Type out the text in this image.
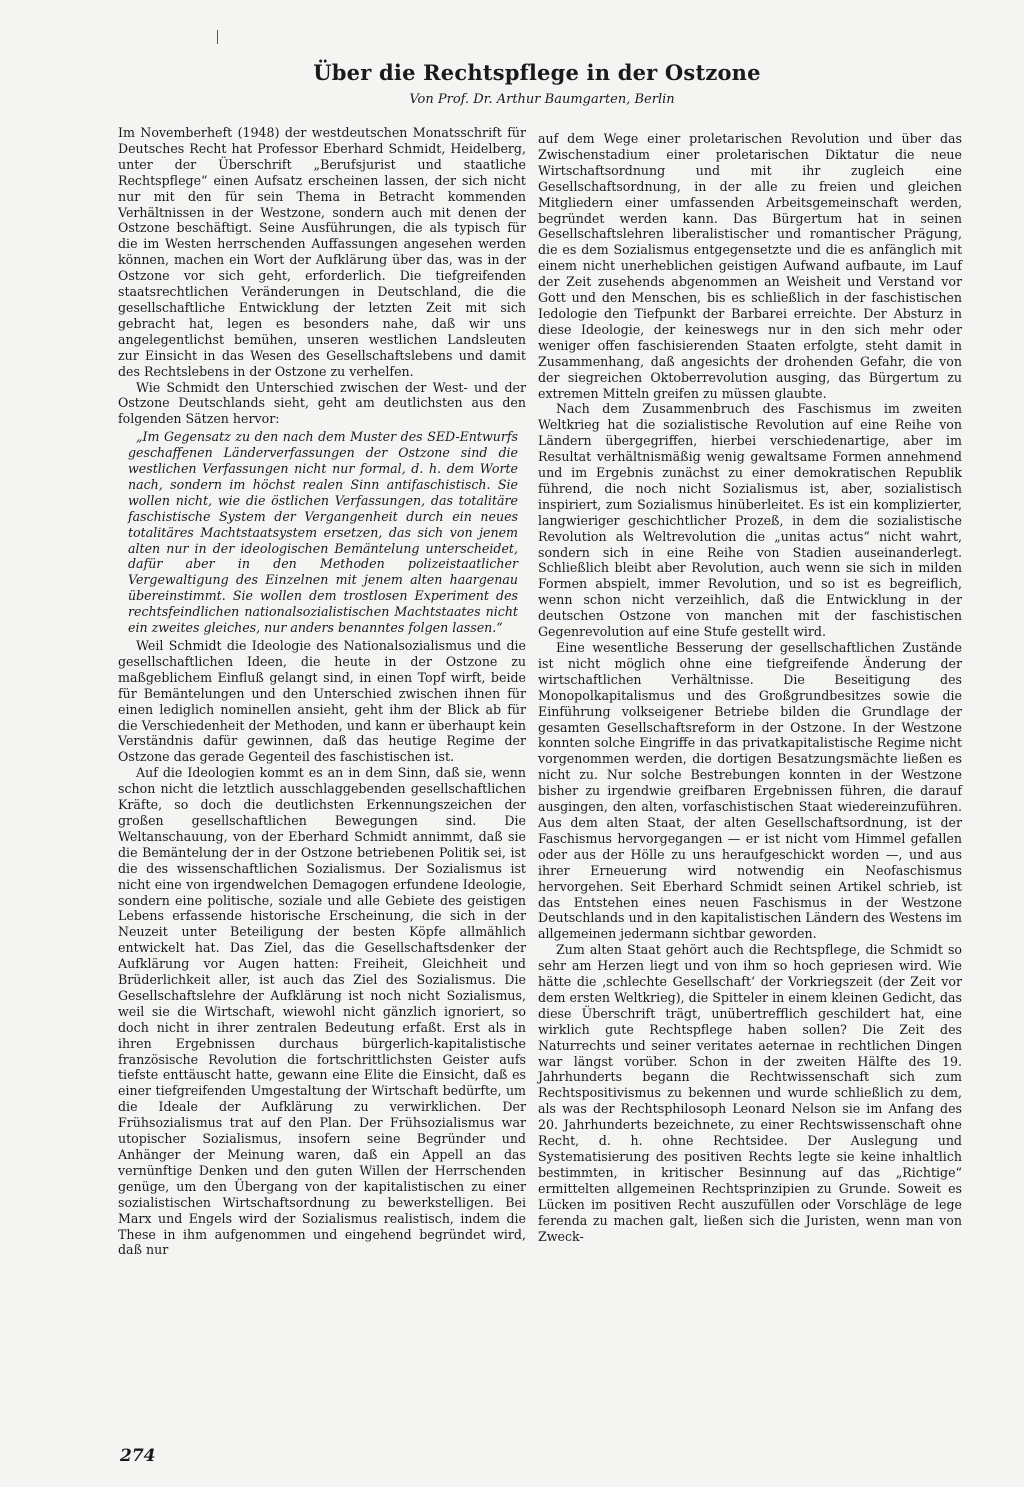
Über die Rechtspflege in der Ostzone
Von Prof. Dr. Arthur Baumgarten, Berlin

Im Novemberheft (1948) der westdeutschen Monatsschrift für Deutsches Recht hat Professor Eberhard Schmidt, Heidelberg, unter der Überschrift „Berufsjurist und staatliche Rechtspflege“ einen Aufsatz erscheinen lassen, der sich nicht nur mit den für sein Thema in Betracht kommenden Verhältnissen in der Westzone, sondern auch mit denen der Ostzone beschäftigt. Seine Ausführungen, die als typisch für die im Westen herrschenden Auffassungen angesehen werden können, machen ein Wort der Aufklärung über das, was in der Ostzone vor sich geht, erforderlich. Die tiefgreifenden staatsrechtlichen Veränderungen in Deutschland, die die gesellschaftliche Entwicklung der letzten Zeit mit sich gebracht hat, legen es besonders nahe, daß wir uns angelegentlichst bemühen, unseren westlichen Landsleuten zur Einsicht in das Wesen des Gesellschaftslebens und damit des Rechtslebens in der Ostzone zu verhelfen.

Wie Schmidt den Unterschied zwischen der West- und der Ostzone Deutschlands sieht, geht am deutlichsten aus den folgenden Sätzen hervor:

„Im Gegensatz zu den nach dem Muster des SED-Entwurfs geschaffenen Länderverfassungen der Ostzone sind die westlichen Verfassungen nicht nur formal, d. h. dem Worte nach, sondern im höchst realen Sinn antifaschistisch. Sie wollen nicht, wie die östlichen Verfassungen, das totalitäre faschistische System der Vergangenheit durch ein neues totalitäres Machtstaatsystem ersetzen, das sich von jenem alten nur in der ideologischen Bemäntelung unterscheidet, dafür aber in den Methoden polizeistaatlicher Vergewaltigung des Einzelnen mit jenem alten haargenau übereinstimmt. Sie wollen dem trostlosen Experiment des rechtsfeindlichen nationalsozialistischen Machtstaates nicht ein zweites gleiches, nur anders benanntes folgen lassen.“

Weil Schmidt die Ideologie des Nationalsozialismus und die gesellschaftlichen Ideen, die heute in der Ostzone zu maßgeblichem Einfluß gelangt sind, in einen Topf wirft, beide für Bemäntelungen und den Unterschied zwischen ihnen für einen lediglich nominellen ansieht, geht ihm der Blick ab für die Verschiedenheit der Methoden, und kann er überhaupt kein Verständnis dafür gewinnen, daß das heutige Regime der Ostzone das gerade Gegenteil des faschistischen ist.

Auf die Ideologien kommt es an in dem Sinn, daß sie, wenn schon nicht die letztlich ausschlaggebenden gesellschaftlichen Kräfte, so doch die deutlichsten Erkennungszeichen der großen gesellschaftlichen Bewegungen sind. Die Weltanschauung, von der Eberhard Schmidt annimmt, daß sie die Bemäntelung der in der Ostzone betriebenen Politik sei, ist die des wissenschaftlichen Sozialismus. Der Sozialismus ist nicht eine von irgendwelchen Demagogen erfundene Ideologie, sondern eine politische, soziale und alle Gebiete des geistigen Lebens erfassende historische Erscheinung, die sich in der Neuzeit unter Beteiligung der besten Köpfe allmählich entwickelt hat. Das Ziel, das die Gesellschaftsdenker der Aufklärung vor Augen hatten: Freiheit, Gleichheit und Brüderlichkeit aller, ist auch das Ziel des Sozialismus. Die Gesellschaftslehre der Aufklärung ist noch nicht Sozialismus, weil sie die Wirtschaft, wiewohl nicht gänzlich ignoriert, so doch nicht in ihrer zentralen Bedeutung erfaßt. Erst als in ihren Ergebnissen durchaus bürgerlich-kapitalistische französische Revolution die fortschrittlichsten Geister aufs tiefste enttäuscht hatte, gewann eine Elite die Einsicht, daß es einer tiefgreifenden Umgestaltung der Wirtschaft bedürfte, um die Ideale der Aufklärung zu verwirklichen. Der Frühsozialismus trat auf den Plan. Der Frühsozialismus war utopischer Sozialismus, insofern seine Begründer und Anhänger der Meinung waren, daß ein Appell an das vernünftige Denken und den guten Willen der Herrschenden genüge, um den Übergang von der kapitalistischen zu einer sozialistischen Wirtschaftsordnung zu bewerkstelligen. Bei Marx und Engels wird der Sozialismus realistisch, indem die These in ihm aufgenommen und eingehend begründet wird, daß nur

auf dem Wege einer proletarischen Revolution und über das Zwischenstadium einer proletarischen Diktatur die neue Wirtschaftsordnung und mit ihr zugleich eine Gesellschaftsordnung, in der alle zu freien und gleichen Mitgliedern einer umfassenden Arbeitsgemeinschaft werden, begründet werden kann. Das Bürgertum hat in seinen Gesellschaftslehren liberalistischer und romantischer Prägung, die es dem Sozialismus entgegensetzte und die es anfänglich mit einem nicht unerheblichen geistigen Aufwand aufbaute, im Lauf der Zeit zusehends abgenommen an Weisheit und Verstand vor Gott und den Menschen, bis es schließlich in der faschistischen Iedologie den Tiefpunkt der Barbarei erreichte. Der Absturz in diese Ideologie, der keineswegs nur in den sich mehr oder weniger offen faschisierenden Staaten erfolgte, steht damit in Zusammenhang, daß angesichts der drohenden Gefahr, die von der siegreichen Oktoberrevolution ausging, das Bürgertum zu extremen Mitteln greifen zu müssen glaubte.

Nach dem Zusammenbruch des Faschismus im zweiten Weltkrieg hat die sozialistische Revolution auf eine Reihe von Ländern übergegriffen, hierbei verschiedenartige, aber im Resultat verhältnismäßig wenig gewaltsame Formen annehmend und im Ergebnis zunächst zu einer demokratischen Republik führend, die noch nicht Sozialismus ist, aber, sozialistisch inspiriert, zum Sozialismus hinüberleitet. Es ist ein komplizierter, langwieriger geschichtlicher Prozeß, in dem die sozialistische Revolution als Weltrevolution die „unitas actus“ nicht wahrt, sondern sich in eine Reihe von Stadien auseinanderlegt. Schließlich bleibt aber Revolution, auch wenn sie sich in milden Formen abspielt, immer Revolution, und so ist es begreiflich, wenn schon nicht verzeihlich, daß die Entwicklung in der deutschen Ostzone von manchen mit der faschistischen Gegenrevolution auf eine Stufe gestellt wird.

Eine wesentliche Besserung der gesellschaftlichen Zustände ist nicht möglich ohne eine tiefgreifende Änderung der wirtschaftlichen Verhältnisse. Die Beseitigung des Monopolkapitalismus und des Großgrundbesitzes sowie die Einführung volkseigener Betriebe bilden die Grundlage der gesamten Gesellschaftsreform in der Ostzone. In der Westzone konnten solche Eingriffe in das privatkapitalistische Regime nicht vorgenommen werden, die dortigen Besatzungsmächte ließen es nicht zu. Nur solche Bestrebungen konnten in der Westzone bisher zu irgendwie greifbaren Ergebnissen führen, die darauf ausgingen, den alten, vorfaschistischen Staat wiedereinzuführen. Aus dem alten Staat, der alten Gesellschaftsordnung, ist der Faschismus hervorgegangen — er ist nicht vom Himmel gefallen oder aus der Hölle zu uns heraufgeschickt worden —, und aus ihrer Erneuerung wird notwendig ein Neofaschismus hervorgehen. Seit Eberhard Schmidt seinen Artikel schrieb, ist das Entstehen eines neuen Faschismus in der Westzone Deutschlands und in den kapitalistischen Ländern des Westens im allgemeinen jedermann sichtbar geworden.

Zum alten Staat gehört auch die Rechtspflege, die Schmidt so sehr am Herzen liegt und von ihm so hoch gepriesen wird. Wie hätte die ‚schlechte Gesellschaft‘ der Vorkriegszeit (der Zeit vor dem ersten Weltkrieg), die Spitteler in einem kleinen Gedicht, das diese Überschrift trägt, unübertrefflich geschildert hat, eine wirklich gute Rechtspflege haben sollen? Die Zeit des Naturrechts und seiner veritates aeternae in rechtlichen Dingen war längst vorüber. Schon in der zweiten Hälfte des 19. Jahrhunderts begann die Rechtwissenschaft sich zum Rechtspositivismus zu bekennen und wurde schließlich zu dem, als was der Rechtsphilosoph Leonard Nelson sie im Anfang des 20. Jahrhunderts bezeichnete, zu einer Rechtswissenschaft ohne Recht, d. h. ohne Rechtsidee. Der Auslegung und Systematisierung des positiven Rechts legte sie keine inhaltlich bestimmten, in kritischer Besinnung auf das „Richtige“ ermittelten allgemeinen Rechtsprinzipien zu Grunde. Soweit es Lücken im positiven Recht auszufüllen oder Vorschläge de lege ferenda zu machen galt, ließen sich die Juristen, wenn man von Zweck-

274
